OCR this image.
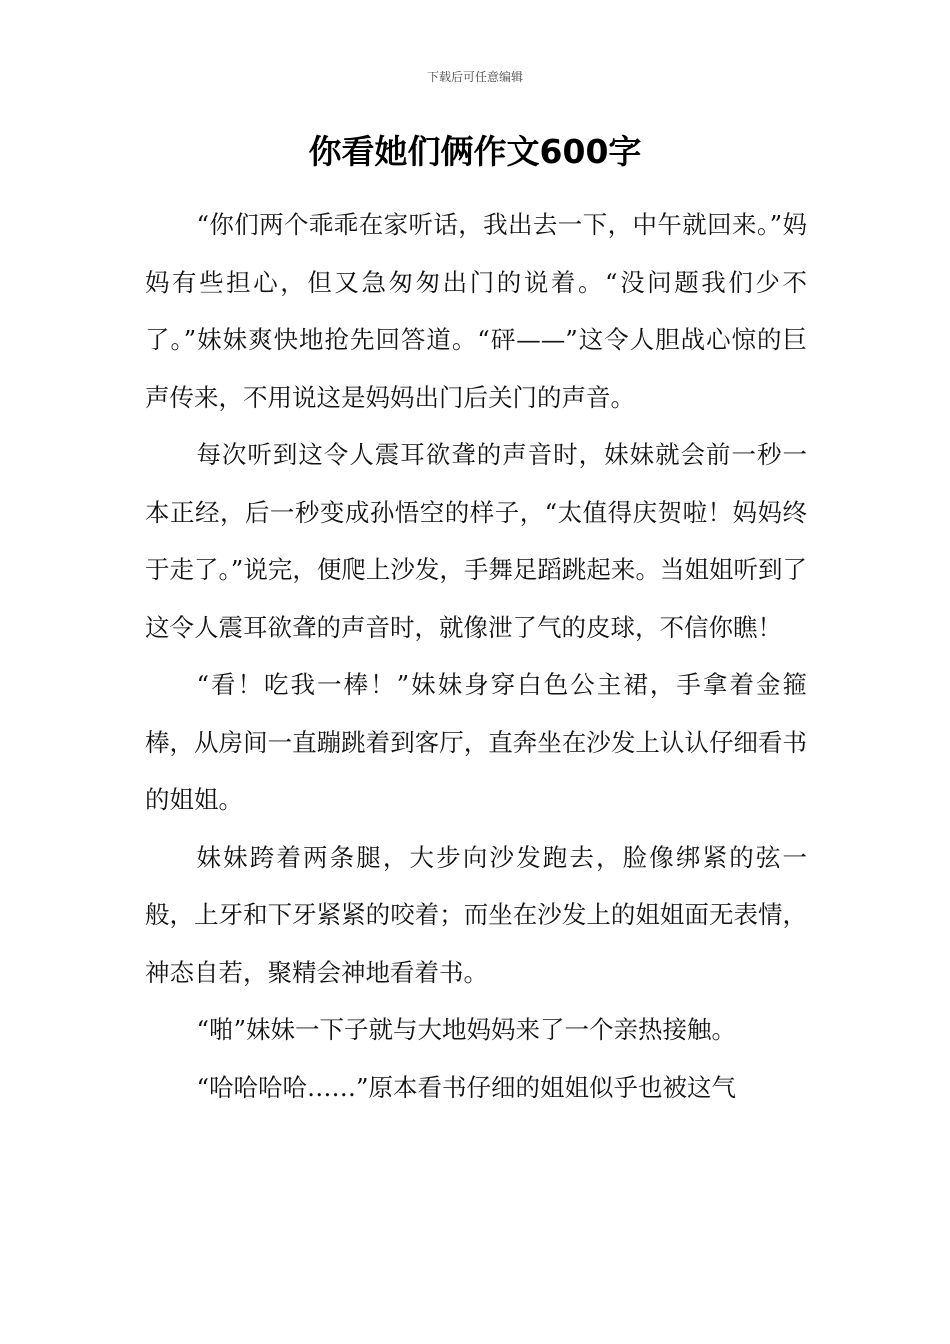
下载后可任意编辑
你看她们俩作文600字

“你们两个乖乖在家听话，我出去一下，中午就回来。”妈妈有些担心，但又急匆匆出门的说着。“没问题我们少不了。”妹妹爽快地抢先回答道。“砰——”这令人胆战心惊的巨声传来，不用说这是妈妈出门后关门的声音。

每次听到这令人震耳欲聋的声音时，妹妹就会前一秒一本正经，后一秒变成孙悟空的样子，“太值得庆贺啦！妈妈终于走了。”说完，便爬上沙发，手舞足蹈跳起来。当姐姐听到了这令人震耳欲聋的声音时，就像泄了气的皮球，不信你瞧！

“看！吃我一棒！”妹妹身穿白色公主裙，手拿着金箍棒，从房间一直蹦跳着到客厅，直奔坐在沙发上认认仔细看书的姐姐。

妹妹跨着两条腿，大步向沙发跑去，脸像绑紧的弦一般，上牙和下牙紧紧的咬着；而坐在沙发上的姐姐面无表情，神态自若，聚精会神地看着书。

“啪”妹妹一下子就与大地妈妈来了一个亲热接触。

“哈哈哈哈……”原本看书仔细的姐姐似乎也被这气
